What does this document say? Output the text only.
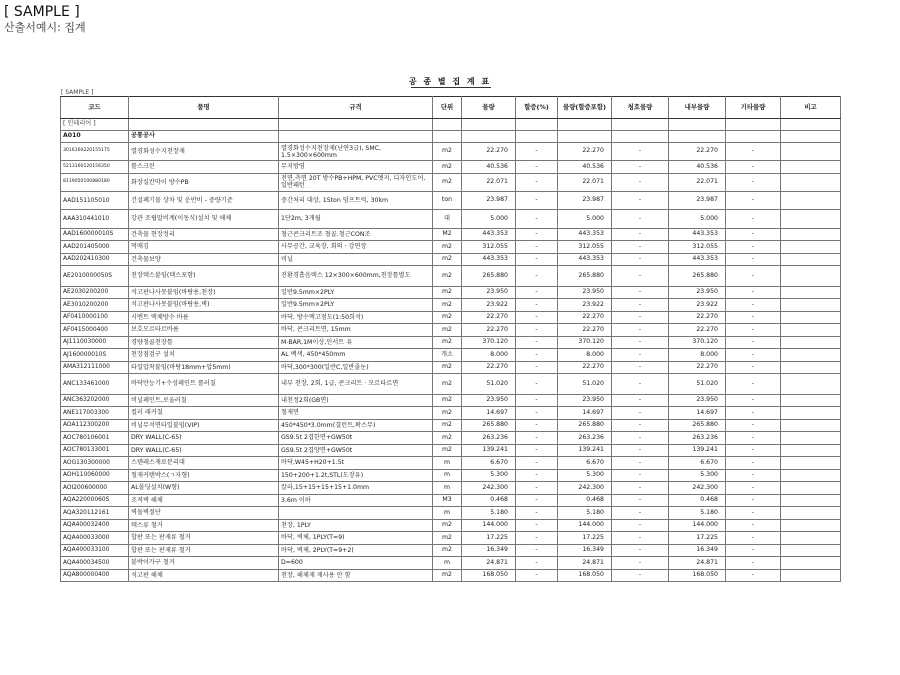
[ SAMPLE ]
산출서예시: 집계
공 종 별 집 계 표
[ SAMPLE ]
코드	품명	규격	단위	물량	할증(%)	물량(할증포함)	청호물량	내부물량	기타물량	비고
[ 인테리어 ]										
A010	공통공사									
3016160220155175	열경화성수지천장재	열경화성수지천장재(난연3급), SMC, 1.5×300×600mm	m2	22.270	-	22.270	-	22.270	-	
5213160120156350	롤스크린	무지방염	m2	40.536	-	40.536	-	40.536	-	
8119050100880180	화장실칸막이 방수PB	전면,측면 20T 방수PB+HPM, PVC엣지, 디자인도어, 일반패턴	m2	22.071	-	22.071	-	22.071	-	
AAD151105010	건설폐기물 상차 및 운반비 - 중량기준	중간처리 대상, 15ton 덤프트럭, 30km	ton	23.987	-	23.987	-	23.987	-	
AAA310441010	강관 조립말비계(이동식)설치 및 해체	1단2m, 3개월	대	5.000	-	5.000	-	5.000	-	
AAD160000010S	건축물 현장정리	철근콘크리트조 철골.철근CON조	M2	443.353	-	443.353	-	443.353	-	
AAD201405000	먹매김	사무공간, 교육장, 회의 · 강연장	m2	312.055	-	312.055	-	312.055	-	
AAD202410300	건축물보양	비닐	m2	443.353	-	443.353	-	443.353	-	
AE2010000050S	천장텍스붙임(텍스포함)	진환경흡음텍스 12×300×600mm,천장틀별도	m2	265.880	-	265.880	-	265.880	-	
AE2030200200	석고판나사못붙임(바탕용,천장)	일반9.5mm×2PLY	m2	23.950	-	23.950	-	23.950	-	
AE3010200200	석고판나사못붙임(바탕용,벽)	일반9.5mm×2PLY	m2	23.922	-	23.922	-	23.922	-	
AF0410000100	시멘트 액체방수 바름	바닥, 방수액고점도(1:50희석)	m2	22.270	-	22.270	-	22.270	-	
AF0415000400	보호모르타르바름	바닥, 콘크리트면, 15mm	m2	22.270	-	22.270	-	22.270	-	
AJ1110030000	경량철골천장틀	M-BAR,1M이상,인서트 유	m2	370.120	-	370.120	-	370.120	-	
AJ160000010S	천장점검구 설치	AL 백색, 450*450mm	개소	8.000	-	8.000	-	8.000	-	
AMA312111000	타일압착붙임(바탕18mm+압5mm)	바닥,300*300(일반C,일반줄눈)	m2	22.270	-	22.270	-	22.270	-	
ANC133461000	바닥만능기+수성페인트 롤러칠	내부 천장, 2회, 1급, 콘크리트 · 모르타르면	m2	51.020	-	51.020	-	51.020	-	
ANC363202000	비닐페인트,로울러칠	내천정2회(GB면)	m2	23.950	-	23.950	-	23.950	-	
ANE117003300	컬러 래커칠	철재면	m2	14.697	-	14.697	-	14.697	-	
AOA112300200	비닐무석면타일붙임(VIP)	450*450*3.0mm(결런트,왁스무)	m2	265.880	-	265.880	-	265.880	-	
AOC780106001	DRY WALL(C-65)	GS9.5t 2겹한면+GW50t	m2	263.236	-	263.236	-	263.236	-	
AOC780133001	DRY WALL(C-65)	GS9.5t 2겹양면+GW50t	m2	139.241	-	139.241	-	139.241	-	
AOG130300000	스텐레스재료분리대	바닥,W45+H20+1.5t	m	6.670	-	6.670	-	6.670	-	
AOH110060000	철재커텐박스(ㄱ자형)	150+200+1.2t,STL(도장유)	m	5.300	-	5.300	-	5.300	-	
AOI200600000	AL몰딩설치(W형)	칼라,15+15+15+15+1.0mm	m	242.300	-	242.300	-	242.300	-	
AQA22000060S	조적벽 해체	3.6m 이하	M3	0.468	-	0.468	-	0.468	-	
AQA320112161	벽돌벽절단		m	5.180	-	5.180	-	5.180	-	
AQA400032400	텍스류 철거	천장, 1PLY	m2	144.000	-	144.000	-	144.000	-	
AQA400033000	합판 또는 판재류 철거	바닥, 벽체, 1PLY(T=9)	m2	17.225	-	17.225	-	17.225	-	
AQA400033100	합판 또는 판재류 철거	바닥, 벽체, 2PLY(T=9+2)	m2	16.349	-	16.349	-	16.349	-	
AQA400034500	붙박이가구 철거	D=600	m	24.871	-	24.871	-	24.871	-	
AQA800000400	석고판 해체	천장, 해체재 재사용 안 함	m2	168.050	-	168.050	-	168.050	-	
